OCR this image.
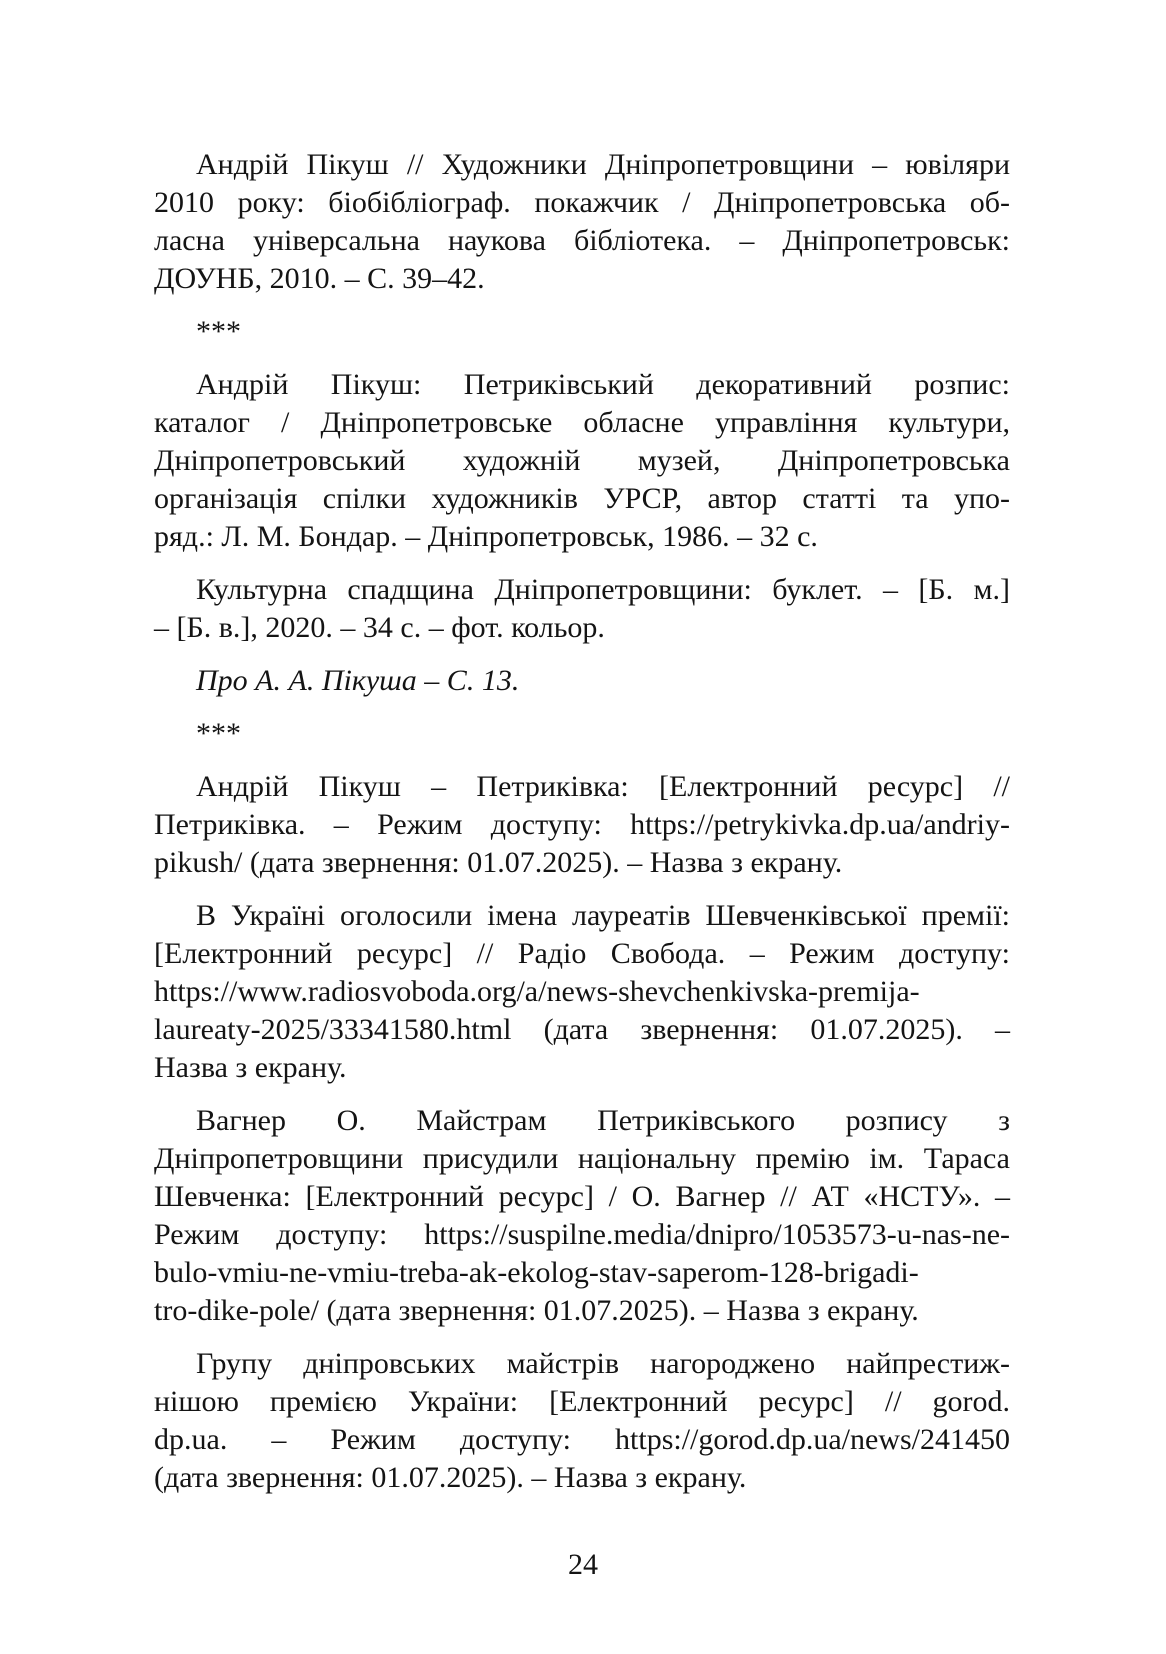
Андрій Пікуш // Художники Дніпропетровщини – ювіляри
2010 року: біобібліограф. покажчик / Дніпропетровська об-
ласна універсальна наукова бібліотека. – Дніпропетровськ:
ДОУНБ, 2010. – С. 39–42.
***
Андрій Пікуш: Петриківський декоративний розпис:
каталог / Дніпропетровське обласне управління культури,
Дніпропетровський художній музей, Дніпропетровська
організація спілки художників УРСР, автор статті та упо-
ряд.: Л. М. Бондар. – Дніпропетровськ, 1986. – 32 с.
Культурна спадщина Дніпропетровщини: буклет. – [Б. м.]
– [Б. в.], 2020. – 34 с. – фот. кольор.
Про А. А. Пікуша – С. 13.
***
Андрій Пікуш – Петриківка: [Електронний ресурс] //
Петриківка. – Режим доступу: https://petrykivka.dp.ua/andriy-
pikush/ (дата звернення: 01.07.2025). – Назва з екрану.
В Україні оголосили імена лауреатів Шевченківської премії:
[Електронний ресурс] // Радіо Свобода. – Режим доступу:
https://www.radiosvoboda.org/a/news-shevchenkivska-premija-
laureaty-2025/33341580.html (дата звернення: 01.07.2025). –
Назва з екрану.
Вагнер О. Майстрам Петриківського розпису з
Дніпропетровщини присудили національну премію ім. Тараса
Шевченка: [Електронний ресурс] / О. Вагнер // АТ «НСТУ». –
Режим доступу: https://suspilne.media/dnipro/1053573-u-nas-ne-
bulo-vmiu-ne-vmiu-treba-ak-ekolog-stav-saperom-128-brigadi-
tro-dike-pole/ (дата звернення: 01.07.2025). – Назва з екрану.
Групу дніпровських майстрів нагороджено найпрестиж-
нішою премією України: [Електронний ресурс] // gorod.
dp.ua. – Режим доступу: https://gorod.dp.ua/news/241450
(дата звернення: 01.07.2025). – Назва з екрану.
24
